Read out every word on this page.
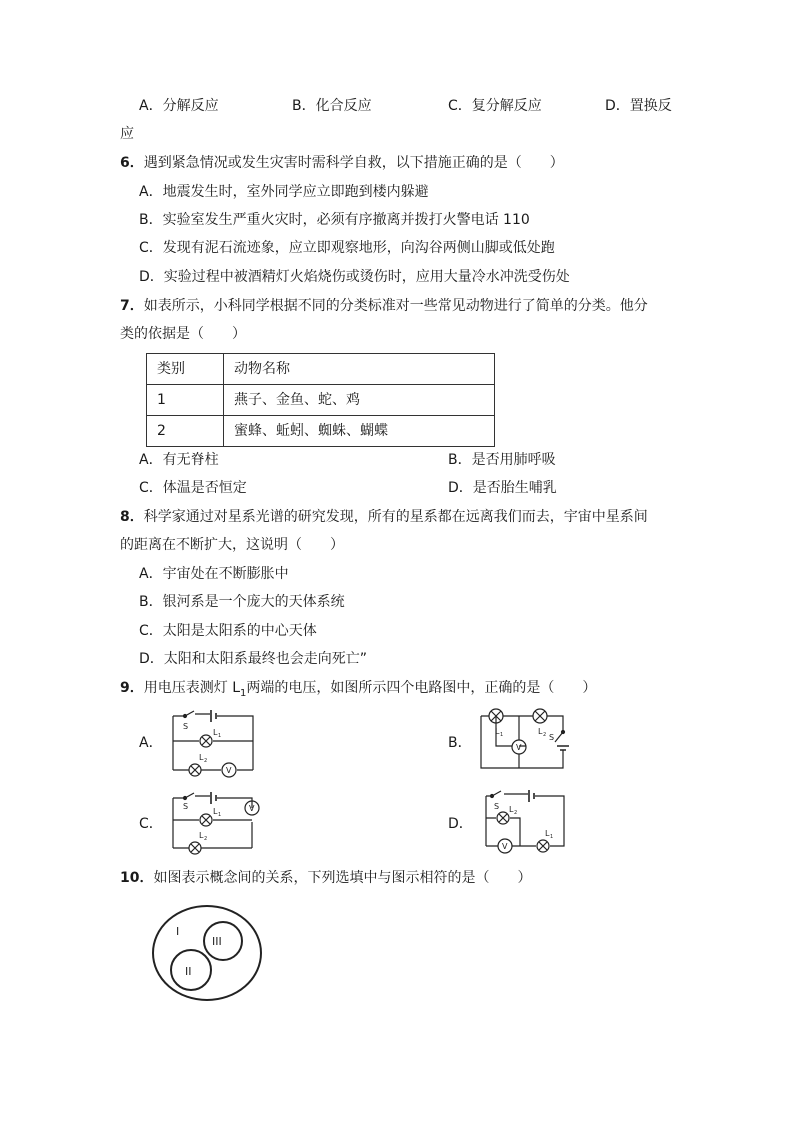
A．分解反应	B．化合反应	C．复分解反应	D．置换反
应
6．遇到紧急情况或发生灾害时需科学自救，以下措施正确的是（　　）
A．地震发生时，室外同学应立即跑到楼内躲避
B．实验室发生严重火灾时，必须有序撤离并拨打火警电话 110
C．发现有泥石流迹象，应立即观察地形，向沟谷两侧山脚或低处跑
D．实验过程中被酒精灯火焰烧伤或烫伤时，应用大量冷水冲洗受伤处
7．如表所示，小科同学根据不同的分类标准对一些常见动物进行了简单的分类。他分
类的依据是（　　）
类别	动物名称
1	燕子、金鱼、蛇、鸡
2	蜜蜂、蚯蚓、蜘蛛、蝴蝶
A．有无脊柱	B．是否用肺呼吸
C．体温是否恒定	D．是否胎生哺乳
8．科学家通过对星系光谱的研究发现，所有的星系都在远离我们而去，宇宙中星系间
的距离在不断扩大，这说明（　　）
A．宇宙处在不断膨胀中
B．银河系是一个庞大的天体系统
C．太阳是太阳系的中心天体
D．太阳和太阳系最终也会走向死亡”
9．用电压表测灯 $L_1$两端的电压，如图所示四个电路图中，正确的是（　　）
A．	B．
C．	D．
S
L 1
L 2
V
L 1	L 2 S
V
S
L 1
L 2
V	S L 2
L 1
V
10．如图表示概念间的关系，下列选填中与图示相符的是（　　）
I
III
II
